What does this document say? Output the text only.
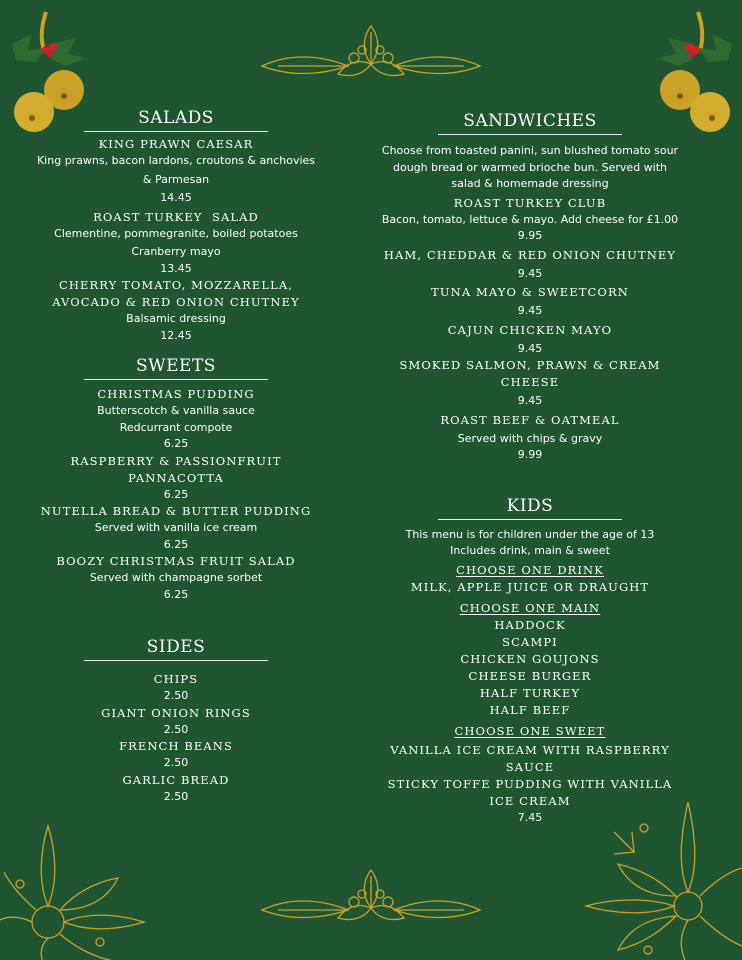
SALADS
KING PRAWN CAESAR
King prawns, bacon lardons, croutons & anchovies
& Parmesan
14.45
ROAST TURKEY  SALAD
Clementine, pommegranite, boiled potatoes
Cranberry mayo
13.45
CHERRY TOMATO, MOZZARELLA,
AVOCADO & RED ONION CHUTNEY
Balsamic dressing
12.45
SWEETS
CHRISTMAS PUDDING
Butterscotch & vanilla sauce
Redcurrant compote
6.25
RASPBERRY & PASSIONFRUIT
PANNACOTTA
6.25
NUTELLA BREAD & BUTTER PUDDING
Served with vanilla ice cream
6.25
BOOZY CHRISTMAS FRUIT SALAD
Served with champagne sorbet
6.25
SIDES
CHIPS
2.50
GIANT ONION RINGS
2.50
FRENCH BEANS
2.50
GARLIC BREAD
2.50
SANDWICHES
Choose from toasted panini, sun blushed tomato sour
dough bread or warmed brioche bun. Served with
salad & homemade dressing
ROAST TURKEY CLUB
Bacon, tomato, lettuce & mayo. Add cheese for £1.00
9.95
HAM, CHEDDAR & RED ONION CHUTNEY
9.45
TUNA MAYO & SWEETCORN
9.45
CAJUN CHICKEN MAYO
9.45
SMOKED SALMON, PRAWN & CREAM
CHEESE
9.45
ROAST BEEF & OATMEAL
Served with chips & gravy
9.99
KIDS
This menu is for children under the age of 13
Includes drink, main & sweet
CHOOSE ONE DRINK
MILK, APPLE JUICE OR DRAUGHT
CHOOSE ONE MAIN
HADDOCK
SCAMPI
CHICKEN GOUJONS
CHEESE BURGER
HALF TURKEY
HALF BEEF
CHOOSE ONE SWEET
VANILLA ICE CREAM WITH RASPBERRY
SAUCE
STICKY TOFFE PUDDING WITH VANILLA
ICE CREAM
7.45
